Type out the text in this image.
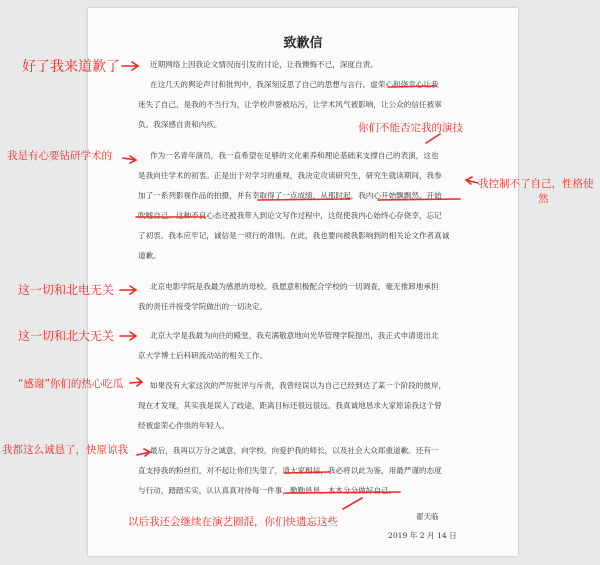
致歉信
近期网络上因我论文情况而引发的讨论，让我懊悔不已，深度自责。
在这几天的舆论声讨和批判中，我深刻反思了自己的思想与言行。虚荣心和侥幸心让我
迷失了自己，是我的不当行为，让学校声誉被玷污，让学术风气被影响，让公众的信任被辜
负。我深感自责和内疚。
作为一名青年演员，我一直希望在足够的文化素养和理论基础来支撑自己的表演，这也
是我向往学术的初衷。正是出于对学习的重视，我决定攻读研究生，研究生就读期间，我参
加了一系列影视作品的拍摄，并有幸取得了一点成绩，从那时起，我内心开始飘飘然，开始
吹嘘自己。这种不良心态还被我带入到论文写作过程中，这促使我内心始终心存侥幸，忘记
了初衷。我本应牢记，诚信是一项行的准则。在此，我也要向被我影响到的相关论文作者真诚
道歉。
北京电影学院是我最为感恩的母校。我愿意积极配合学校的一切调查，毫无推卸地承担
我的责任并接受学院做出的一切决定。
北京大学是我最为向往的殿堂，我充满敬意地向光华管理学院提出，我正式申请退出北
京大学博士后科研流动站的相关工作。
如果没有大家这次的严厉批评与斥责，我曾经误以为自己已经到达了某一个阶段的彼岸，
现在才发现，其实我是误入了歧途，距离目标还很远很远。我真诚地恳求大家原谅我这个曾
经被虚荣心作祟的年轻人。
最后，我再以万分之诚意，向学校，向爱护我的师长，以及社会大众郑重道歉。还有一
直支持我的粉丝们，对不起让你们失望了，请大家相信，我必将以此为鉴，用最严谨的态度
与行动，踏踏实实，认认真真对待每一件事，勤勤恳恳，本本分分做好自己。
翟天临
2019 年 2 月 14 日
好了我来道歉了
你们不能否定我的演技
我是有心要钻研学术的
我控制不了自己，性格使
然
这一切和北电无关
这一切和北大无关
“感谢”你们的热心吃瓜
我都这么诚恳了，快原谅我
以后我还会继续在演艺圈混，你们快遗忘这些
